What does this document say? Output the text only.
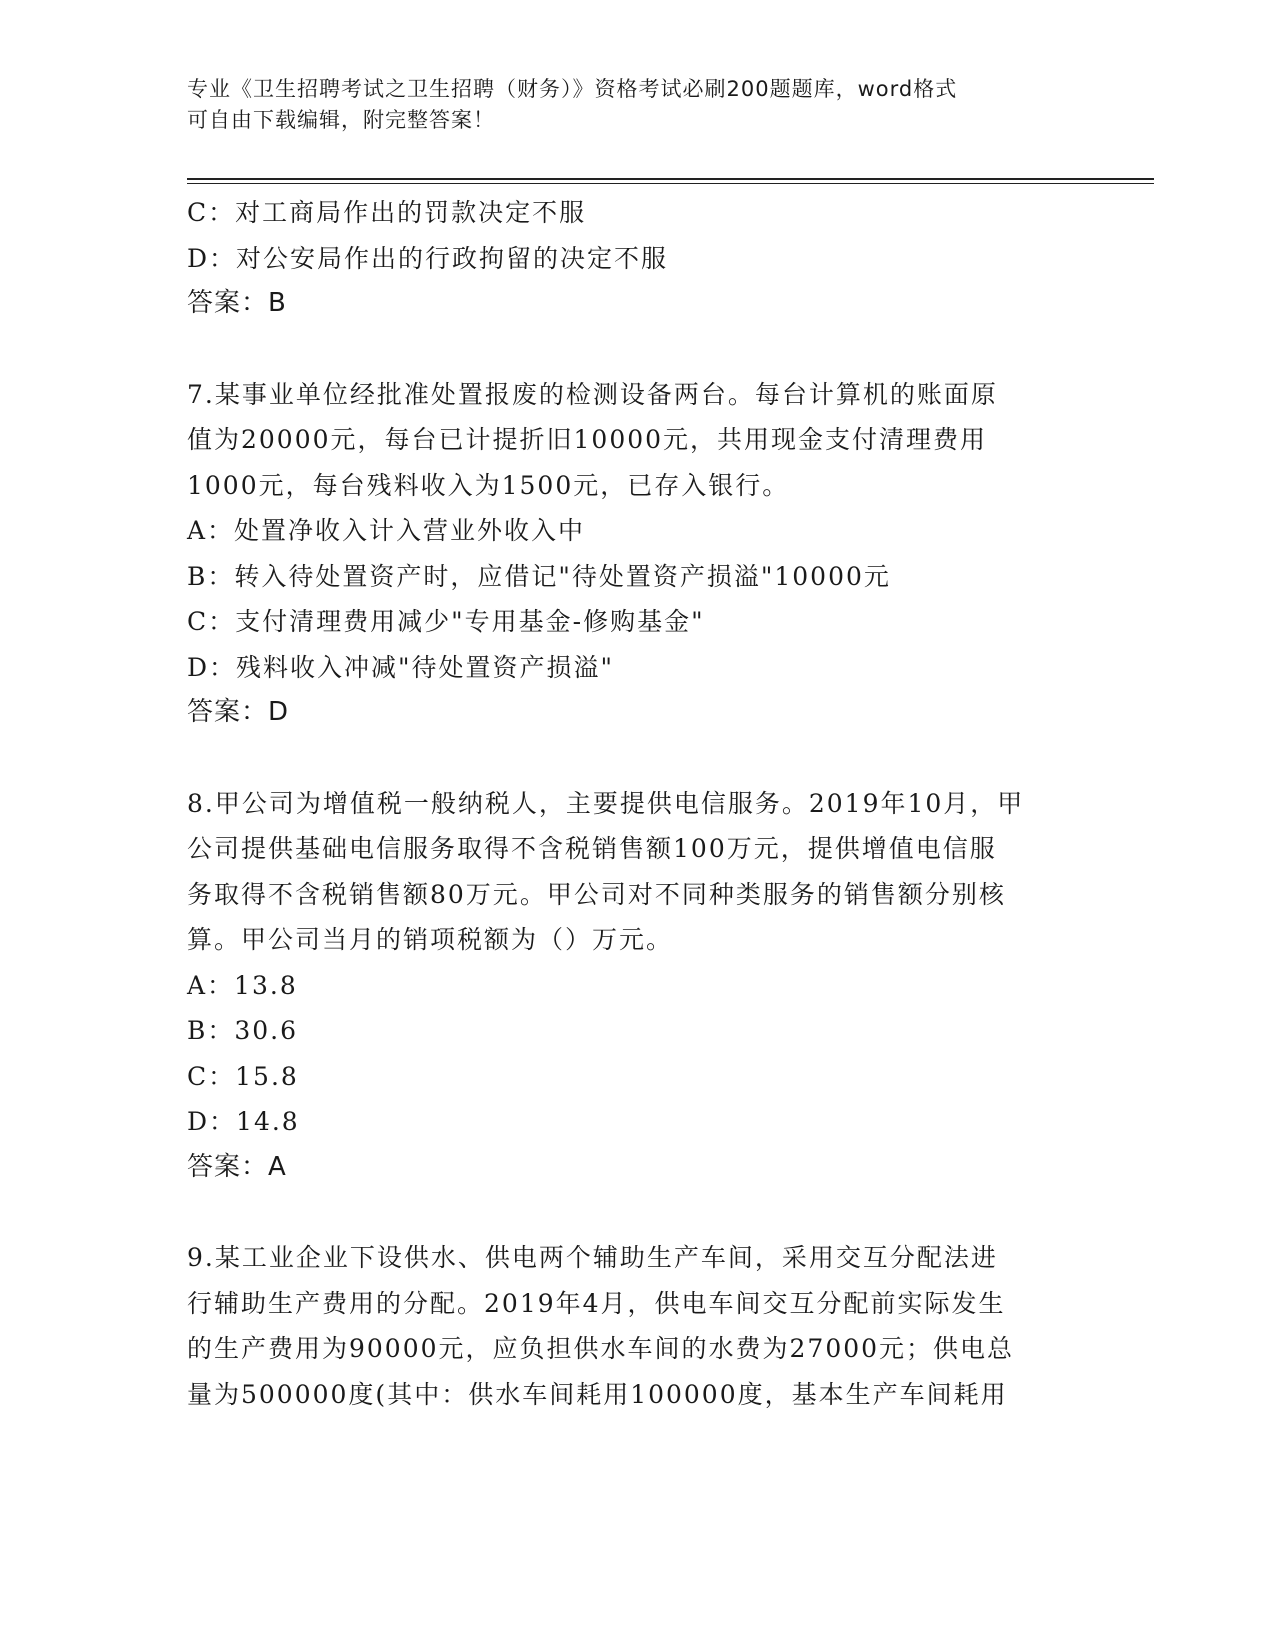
专业《卫生招聘考试之卫生招聘（财务）》资格考试必刷200题题库，word格式
可自由下载编辑，附完整答案！
C：对工商局作出的罚款决定不服
D：对公安局作出的行政拘留的决定不服
答案：B
7.某事业单位经批准处置报废的检测设备两台。每台计算机的账面原
值为20000元，每台已计提折旧10000元，共用现金支付清理费用
1000元，每台残料收入为1500元，已存入银行。
A：处置净收入计入营业外收入中
B：转入待处置资产时，应借记"待处置资产损溢"10000元
C：支付清理费用减少"专用基金-修购基金"
D：残料收入冲减"待处置资产损溢"
答案：D
8.甲公司为增值税一般纳税人，主要提供电信服务。2019年10月，甲
公司提供基础电信服务取得不含税销售额100万元，提供增值电信服
务取得不含税销售额80万元。甲公司对不同种类服务的销售额分别核
算。甲公司当月的销项税额为（）万元。
A：13.8
B：30.6
C：15.8
D：14.8
答案：A
9.某工业企业下设供水、供电两个辅助生产车间，采用交互分配法进
行辅助生产费用的分配。2019年4月，供电车间交互分配前实际发生
的生产费用为90000元，应负担供水车间的水费为27000元；供电总
量为500000度(其中：供水车间耗用100000度，基本生产车间耗用
